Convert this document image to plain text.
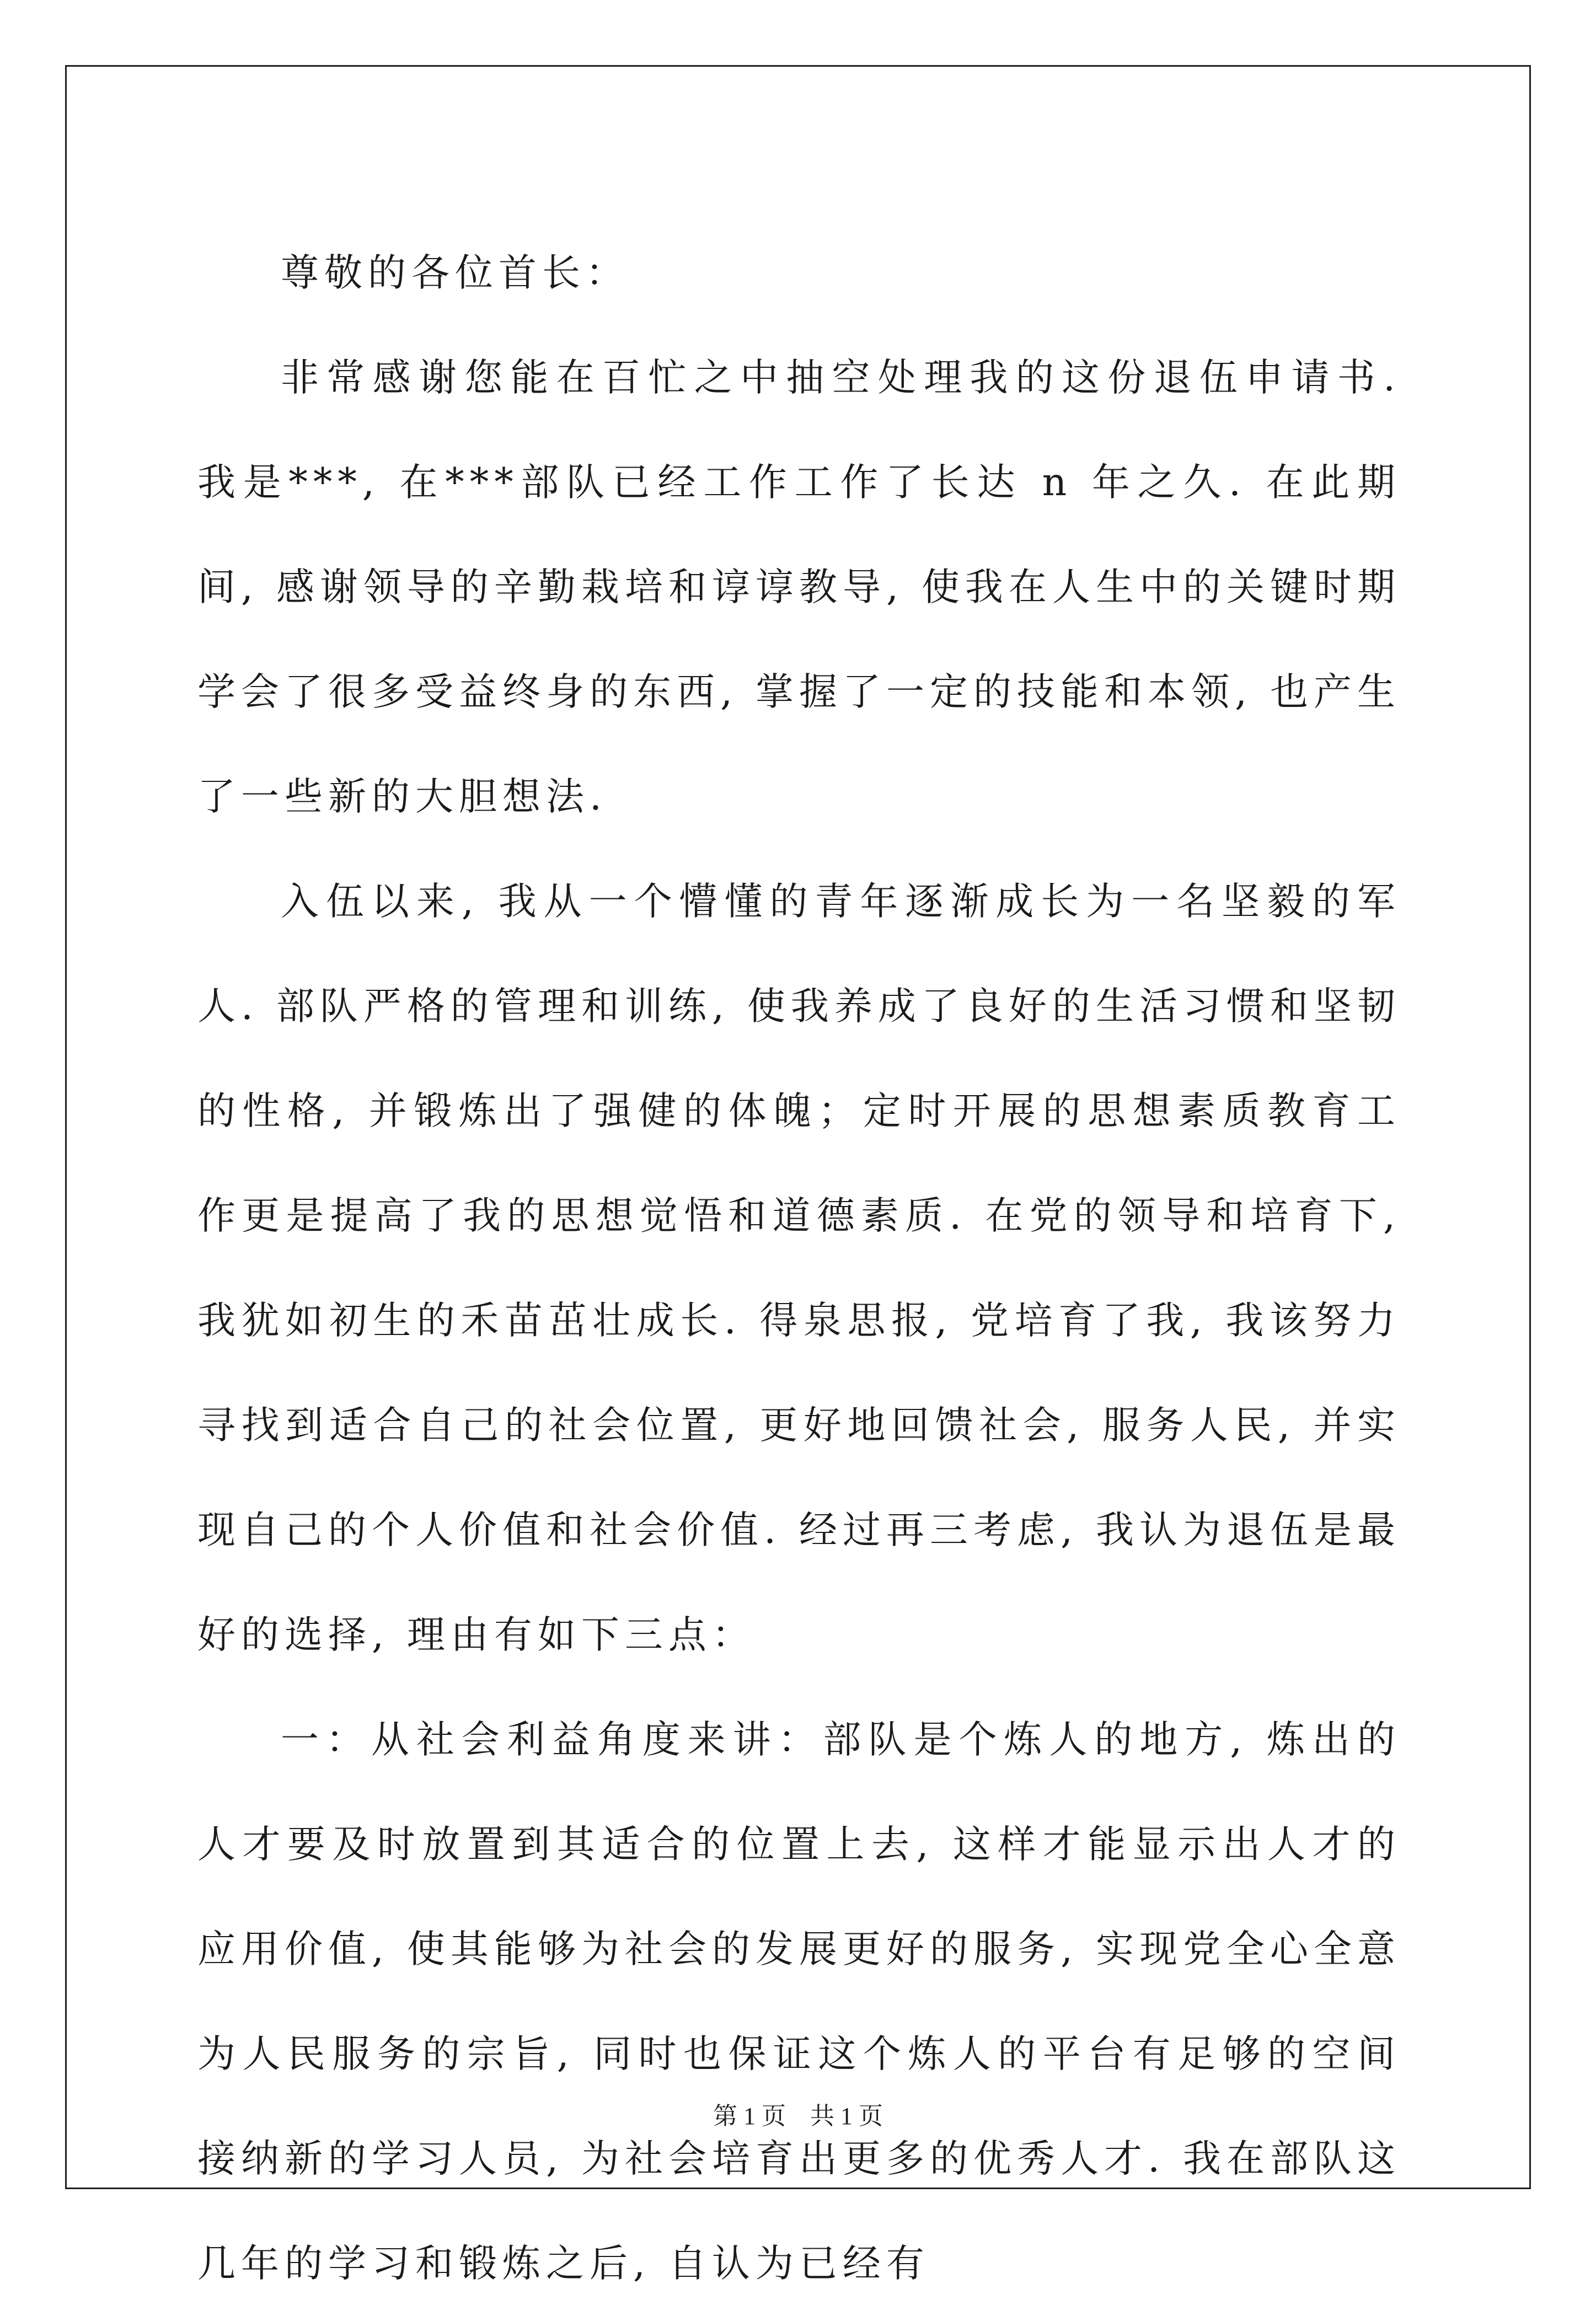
尊敬的各位首长：

非常感谢您能在百忙之中抽空处理我的这份退伍申请书. 我是***, 在***部队已经工作工作了长达 n 年之久. 在此期间, 感谢领导的辛勤栽培和谆谆教导, 使我在人生中的关键时期学会了很多受益终身的东西, 掌握了一定的技能和本领, 也产生了一些新的大胆想法.

入伍以来, 我从一个懵懂的青年逐渐成长为一名坚毅的军人. 部队严格的管理和训练, 使我养成了良好的生活习惯和坚韧的性格, 并锻炼出了强健的体魄；定时开展的思想素质教育工作更是提高了我的思想觉悟和道德素质. 在党的领导和培育下, 我犹如初生的禾苗茁壮成长. 得泉思报, 党培育了我, 我该努力寻找到适合自己的社会位置, 更好地回馈社会, 服务人民, 并实现自己的个人价值和社会价值. 经过再三考虑, 我认为退伍是最好的选择, 理由有如下三点：

一：从社会利益角度来讲：部队是个炼人的地方, 炼出的人才要及时放置到其适合的位置上去, 这样才能显示出人才的应用价值, 使其能够为社会的发展更好的服务, 实现党全心全意为人民服务的宗旨, 同时也保证这个炼人的平台有足够的空间接纳新的学习人员, 为社会培育出更多的优秀人才. 我在部队这几年的学习和锻炼之后, 自认为已经有

第 1 页    共 1 页
